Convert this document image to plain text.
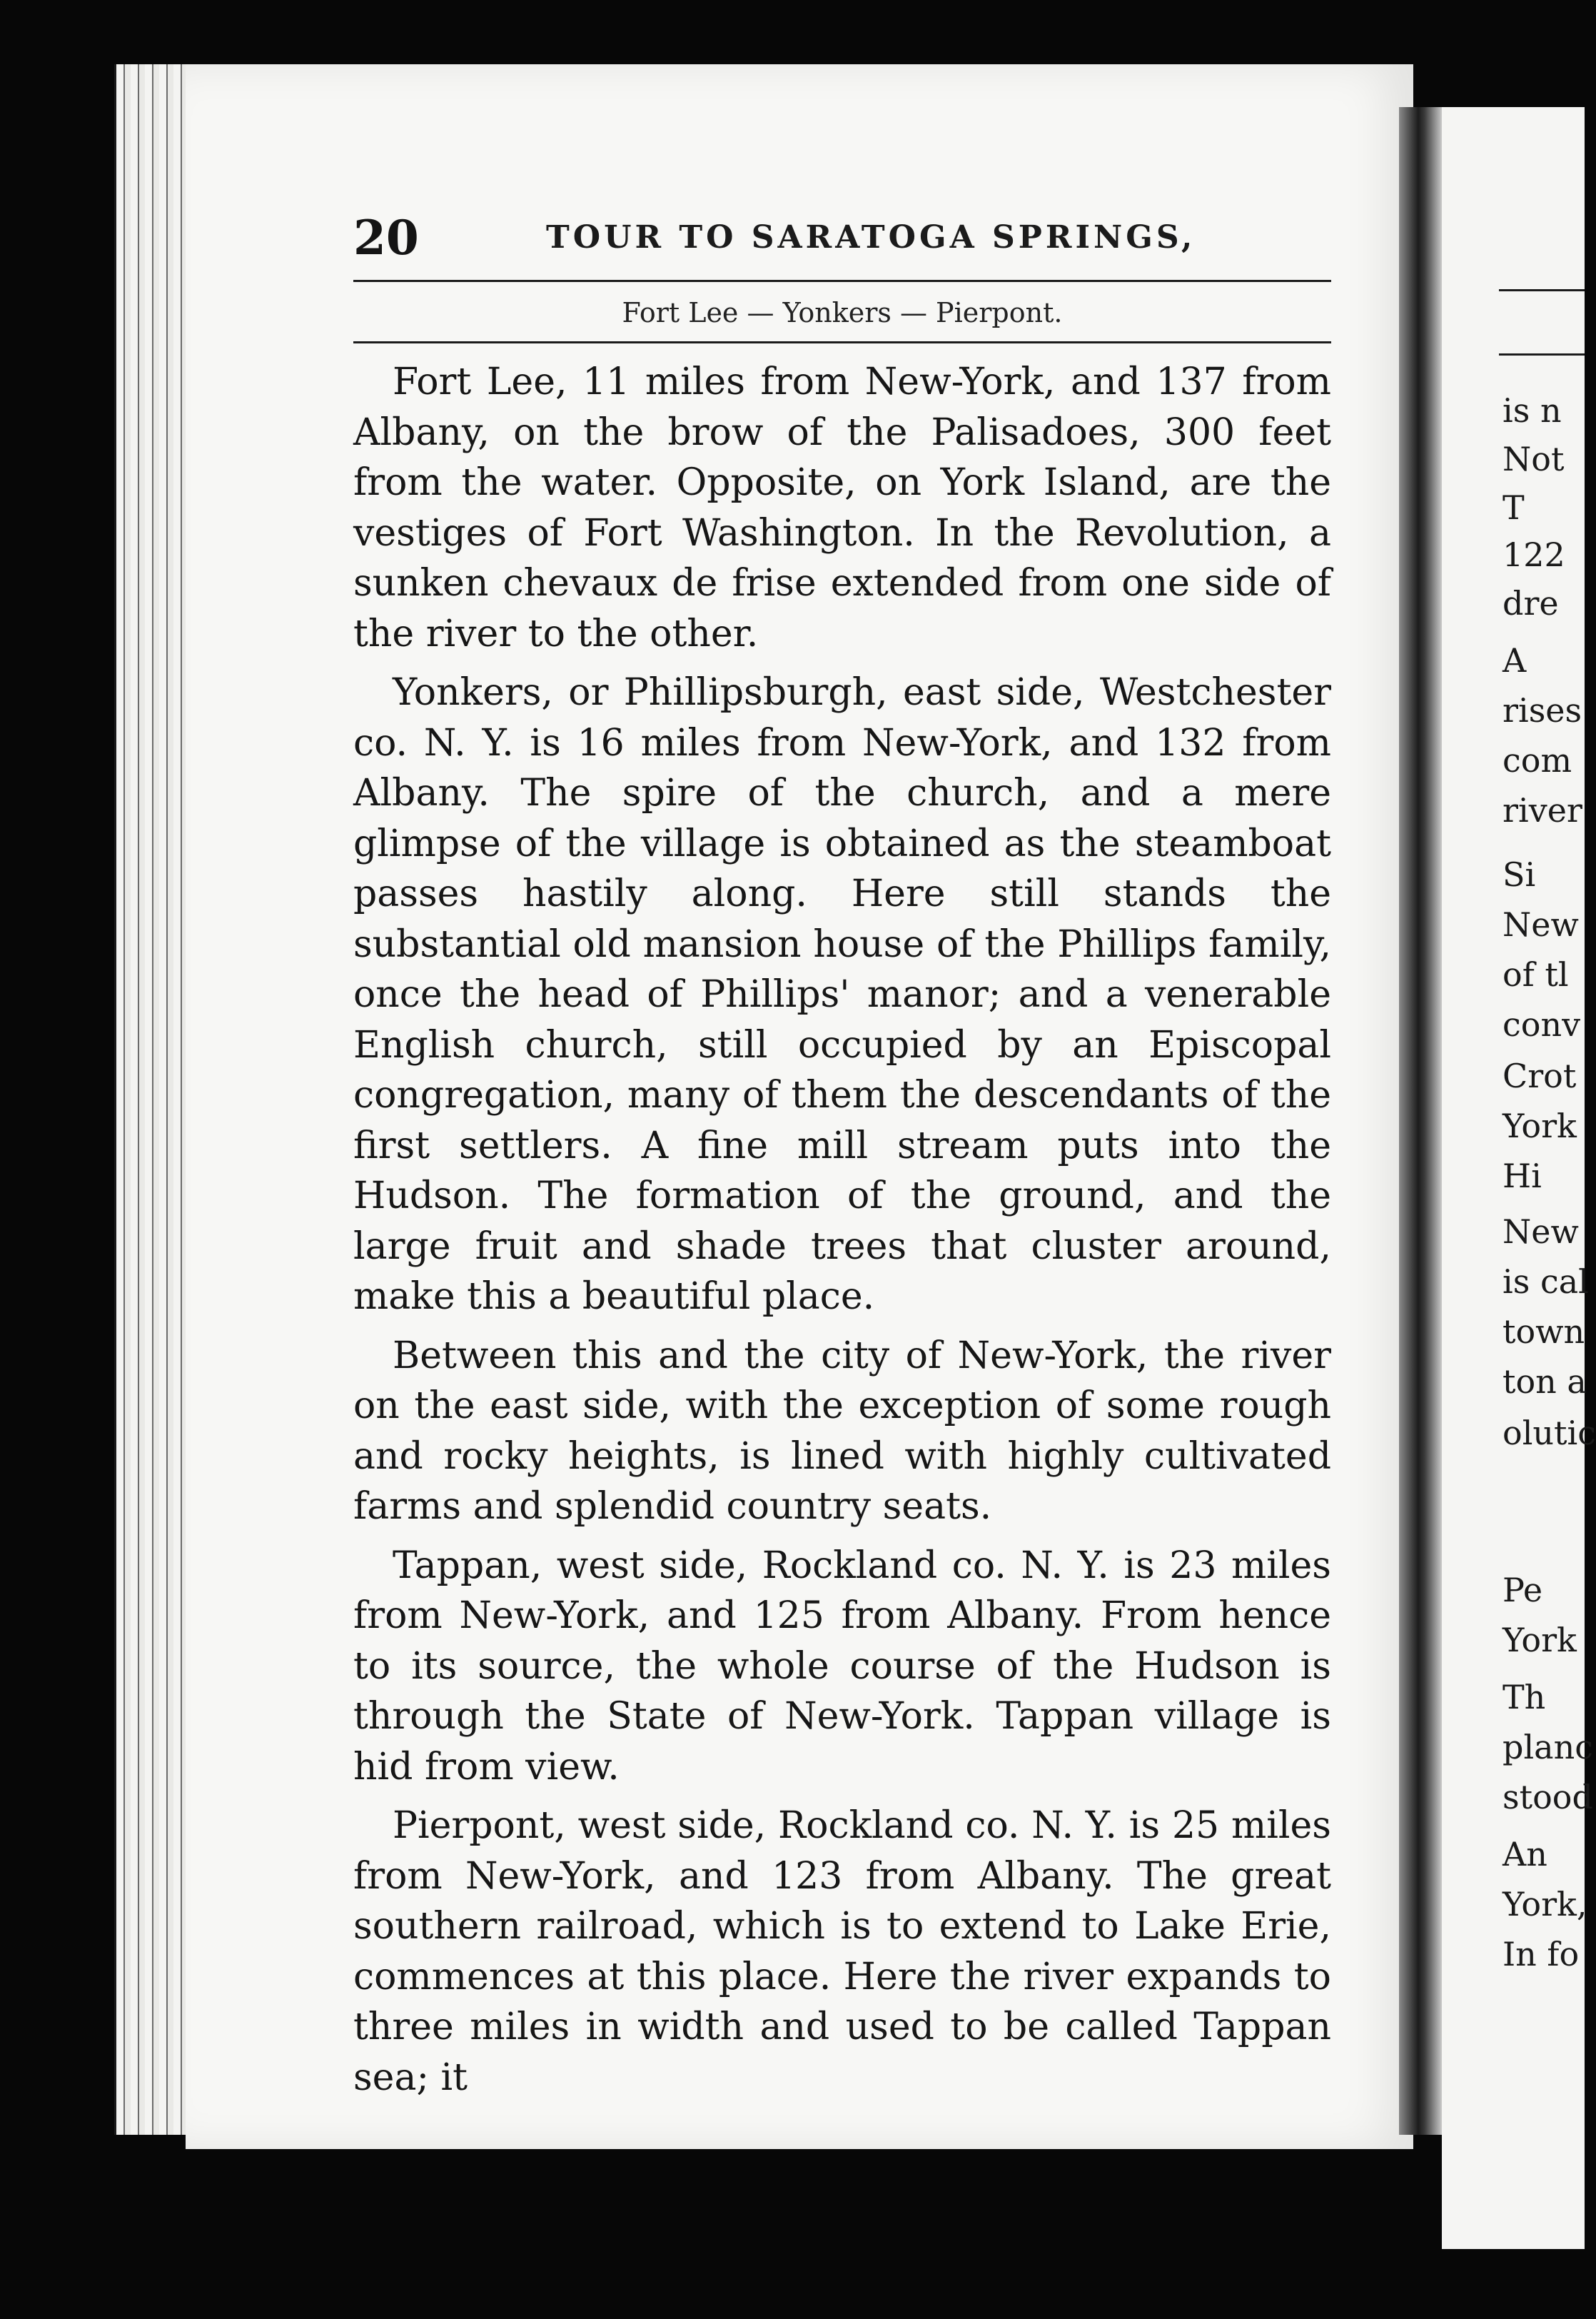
is n
Not
T
122
dre
A
rises
com
river
Si
New
of tl
conv
Crot
York
Hi
New
is cal
town
ton a
olutic
Pe
York
Th
planc
stood
An
York,
In fo
20	TOUR TO SARATOGA SPRINGS,
Fort Lee — Yonkers — Pierpont.

Fort Lee, 11 miles from New-York, and 137 from Albany, on the brow of the Palisadoes, 300 feet from the water. Opposite, on York Island, are the vestiges of Fort Washington. In the Revolution, a sunken chevaux de frise extended from one side of the river to the other.

Yonkers, or Phillipsburgh, east side, Westchester co. N. Y. is 16 miles from New-York, and 132 from Albany. The spire of the church, and a mere glimpse of the village is obtained as the steamboat passes hastily along. Here still stands the substantial old mansion house of the Phillips family, once the head of Phillips' manor; and a venerable English church, still occupied by an Episcopal congregation, many of them the descendants of the first settlers. A fine mill stream puts into the Hudson. The formation of the ground, and the large fruit and shade trees that cluster around, make this a beautiful place.

Between this and the city of New-York, the river on the east side, with the exception of some rough and rocky heights, is lined with highly cultivated farms and splendid country seats.

Tappan, west side, Rockland co. N. Y. is 23 miles from New-York, and 125 from Albany. From hence to its source, the whole course of the Hudson is through the State of New-York. Tappan village is hid from view.

Pierpont, west side, Rockland co. N. Y. is 25 miles from New-York, and 123 from Albany. The great southern railroad, which is to extend to Lake Erie, commences at this place. Here the river expands to three miles in width and used to be called Tappan sea; it
